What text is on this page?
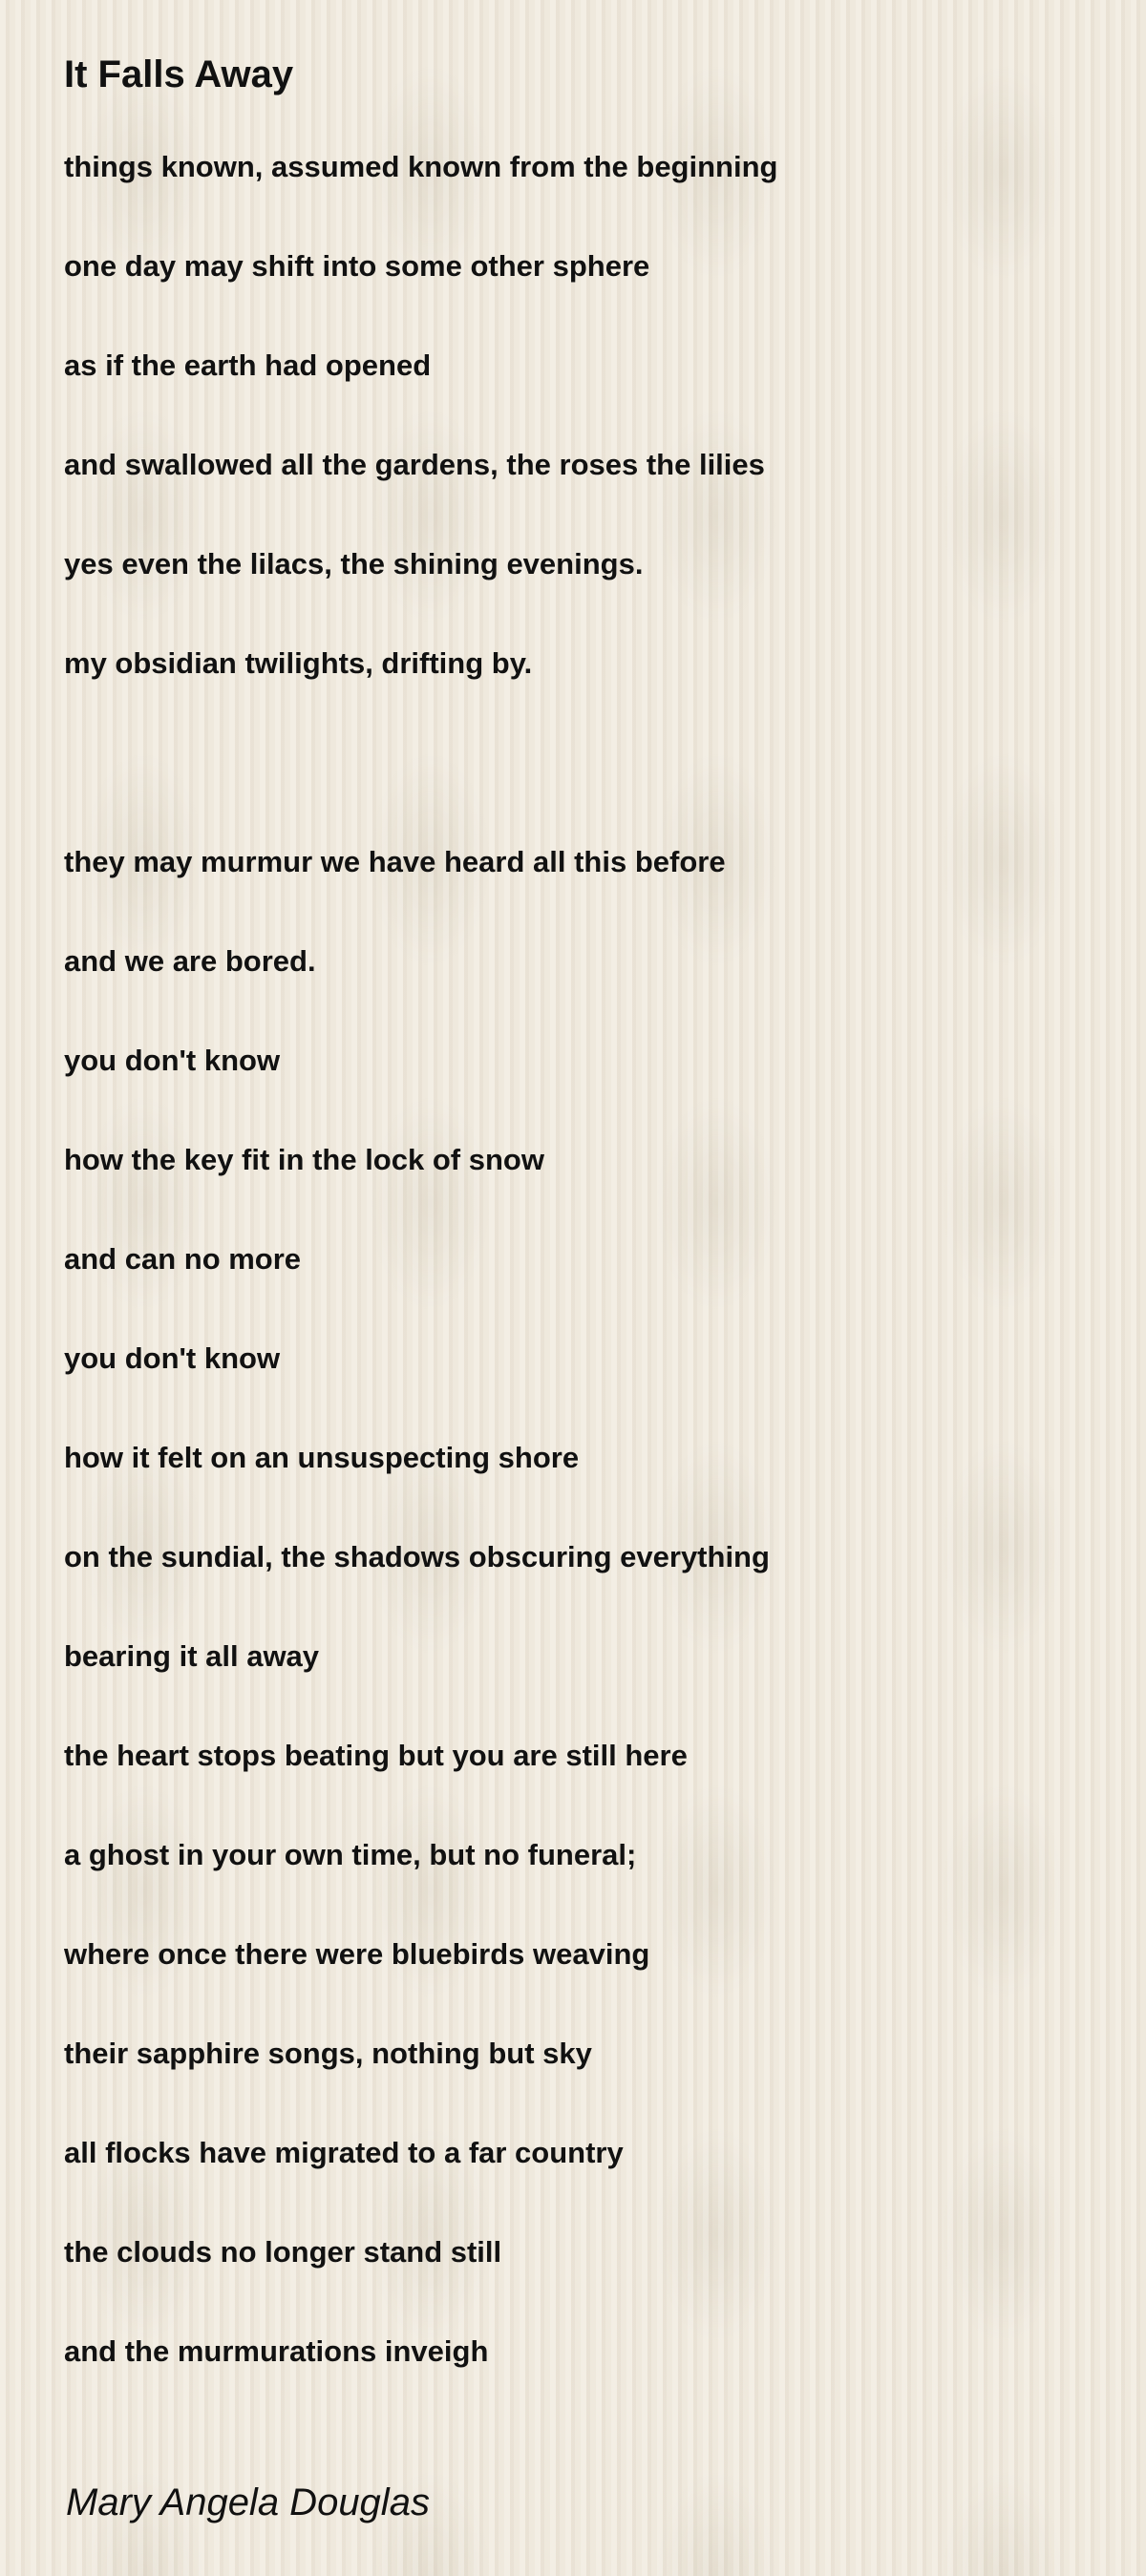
It Falls Away
things known, assumed known from the beginning
one day may shift into some other sphere
as if the earth had opened
and swallowed all the gardens, the roses the lilies
yes even the lilacs, the shining evenings.
my obsidian twilights, drifting by.
they may murmur we have heard all this before
and we are bored.
you don't know
how the key fit in the lock of snow
and can no more
you don't know
how it felt on an unsuspecting shore
on the sundial, the shadows obscuring everything
bearing it all away
the heart stops beating but you are still here
a ghost in your own time, but no funeral;
where once there were bluebirds weaving
their sapphire songs, nothing but sky
all flocks have migrated to a far country
the clouds no longer stand still
and the murmurations inveigh

Mary Angela Douglas
